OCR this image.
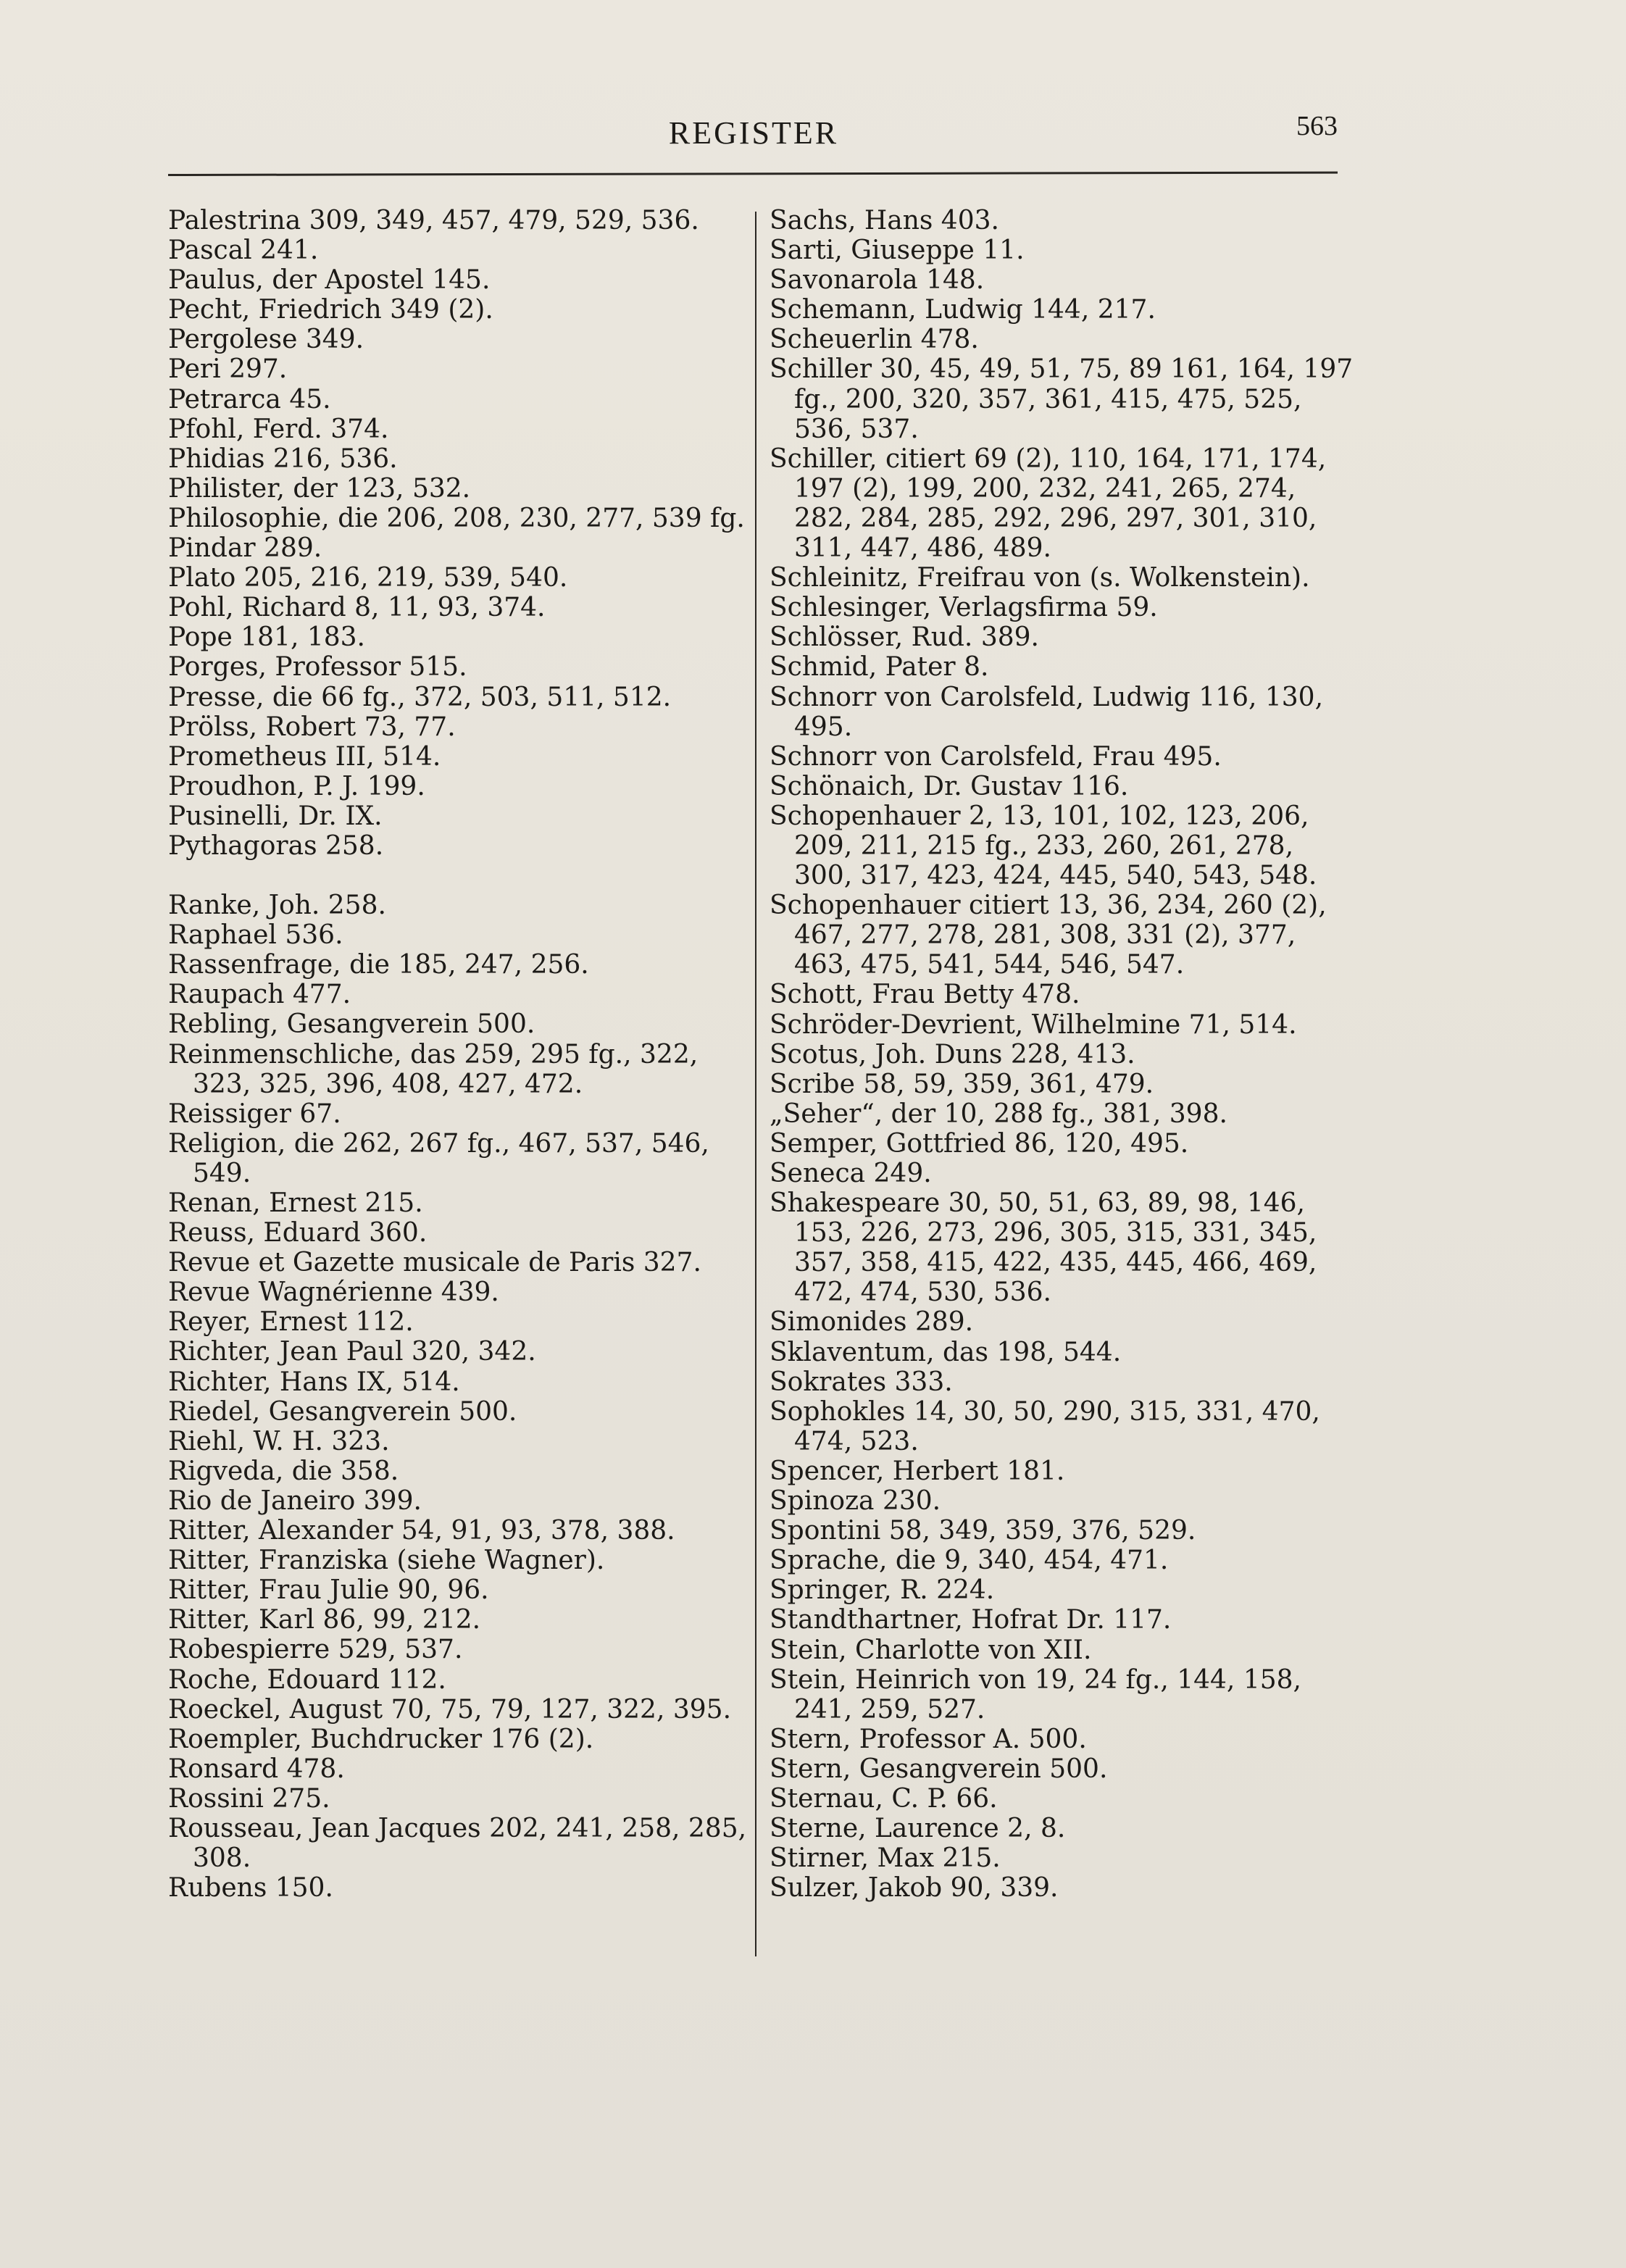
REGISTER	563

Palestrina 309, 349, 457, 479, 529, 536.

Pascal 241.

Paulus, der Apostel 145.

Pecht, Friedrich 349 (2).

Pergolese 349.

Peri 297.

Petrarca 45.

Pfohl, Ferd. 374.

Phidias 216, 536.

Philister, der 123, 532.

Philosophie, die 206, 208, 230, 277, 539 fg.

Pindar 289.

Plato 205, 216, 219, 539, 540.

Pohl, Richard 8, 11, 93, 374.

Pope 181, 183.

Porges, Professor 515.

Presse, die 66 fg., 372, 503, 511, 512.

Prölss, Robert 73, 77.

Prometheus III, 514.

Proudhon, P. J. 199.

Pusinelli, Dr. IX.

Pythagoras 258.

Ranke, Joh. 258.

Raphael 536.

Rassenfrage, die 185, 247, 256.

Raupach 477.

Rebling, Gesangverein 500.

Reinmenschliche, das 259, 295 fg., 322, 323, 325, 396, 408, 427, 472.

Reissiger 67.

Religion, die 262, 267 fg., 467, 537, 546, 549.

Renan, Ernest 215.

Reuss, Eduard 360.

Revue et Gazette musicale de Paris 327.

Revue Wagnérienne 439.

Reyer, Ernest 112.

Richter, Jean Paul 320, 342.

Richter, Hans IX, 514.

Riedel, Gesangverein 500.

Riehl, W. H. 323.

Rigveda, die 358.

Rio de Janeiro 399.

Ritter, Alexander 54, 91, 93, 378, 388.

Ritter, Franziska (siehe Wagner).

Ritter, Frau Julie 90, 96.

Ritter, Karl 86, 99, 212.

Robespierre 529, 537.

Roche, Edouard 112.

Roeckel, August 70, 75, 79, 127, 322, 395.

Roempler, Buchdrucker 176 (2).

Ronsard 478.

Rossini 275.

Rousseau, Jean Jacques 202, 241, 258, 285, 308.

Rubens 150.

Sachs, Hans 403.

Sarti, Giuseppe 11.

Savonarola 148.

Schemann, Ludwig 144, 217.

Scheuerlin 478.

Schiller 30, 45, 49, 51, 75, 89 161, 164, 197 fg., 200, 320, 357, 361, 415, 475, 525, 536, 537.

Schiller, citiert 69 (2), 110, 164, 171, 174, 197 (2), 199, 200, 232, 241, 265, 274, 282, 284, 285, 292, 296, 297, 301, 310, 311, 447, 486, 489.

Schleinitz, Freifrau von (s. Wolkenstein).

Schlesinger, Verlagsfirma 59.

Schlösser, Rud. 389.

Schmid, Pater 8.

Schnorr von Carolsfeld, Ludwig 116, 130, 495.

Schnorr von Carolsfeld, Frau 495.

Schönaich, Dr. Gustav 116.

Schopenhauer 2, 13, 101, 102, 123, 206, 209, 211, 215 fg., 233, 260, 261, 278, 300, 317, 423, 424, 445, 540, 543, 548.

Schopenhauer citiert 13, 36, 234, 260 (2), 467, 277, 278, 281, 308, 331 (2), 377, 463, 475, 541, 544, 546, 547.

Schott, Frau Betty 478.

Schröder-Devrient, Wilhelmine 71, 514.

Scotus, Joh. Duns 228, 413.

Scribe 58, 59, 359, 361, 479.

„Seher“, der 10, 288 fg., 381, 398.

Semper, Gottfried 86, 120, 495.

Seneca 249.

Shakespeare 30, 50, 51, 63, 89, 98, 146, 153, 226, 273, 296, 305, 315, 331, 345, 357, 358, 415, 422, 435, 445, 466, 469, 472, 474, 530, 536.

Simonides 289.

Sklaventum, das 198, 544.

Sokrates 333.

Sophokles 14, 30, 50, 290, 315, 331, 470, 474, 523.

Spencer, Herbert 181.

Spinoza 230.

Spontini 58, 349, 359, 376, 529.

Sprache, die 9, 340, 454, 471.

Springer, R. 224.

Standthartner, Hofrat Dr. 117.

Stein, Charlotte von XII.

Stein, Heinrich von 19, 24 fg., 144, 158, 241, 259, 527.

Stern, Professor A. 500.

Stern, Gesangverein 500.

Sternau, C. P. 66.

Sterne, Laurence 2, 8.

Stirner, Max 215.

Sulzer, Jakob 90, 339.
